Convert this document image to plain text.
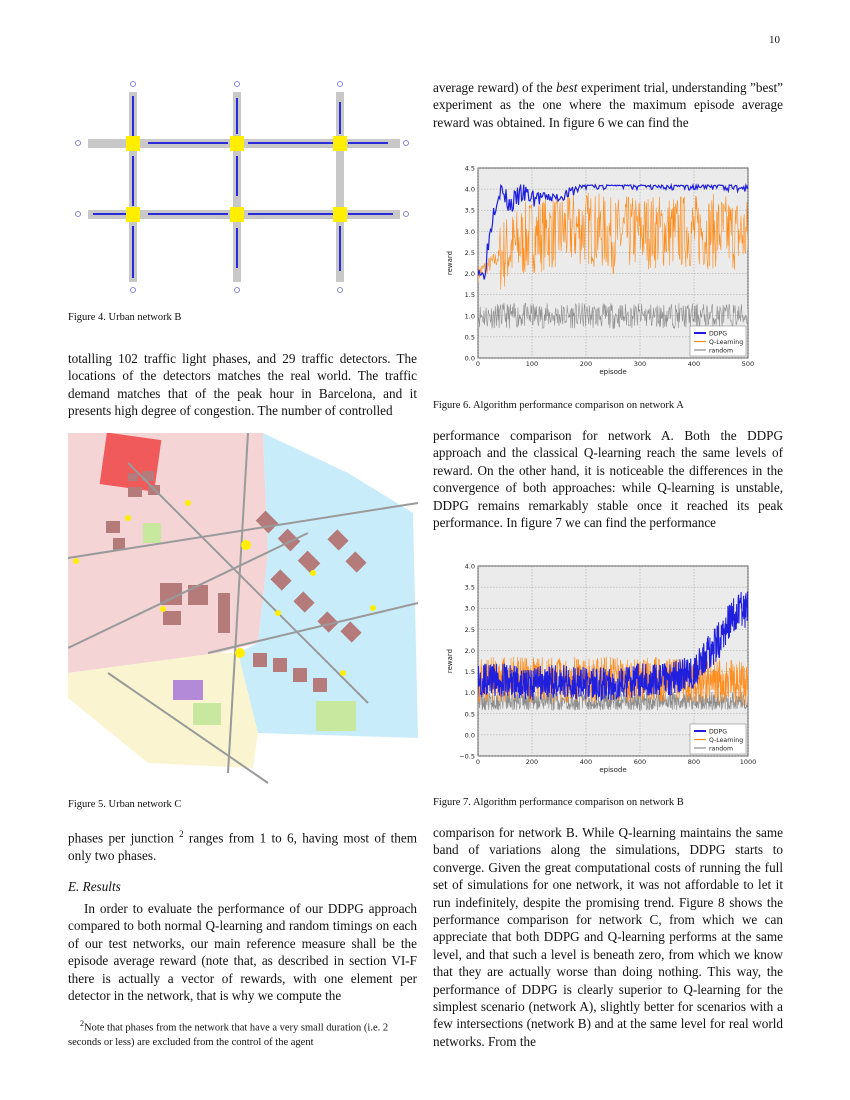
10
Figure 4. Urban network B

totalling 102 traffic light phases, and 29 traffic detectors. The locations of the detectors matches the real world. The traffic demand matches that of the peak hour in Barcelona, and it presents high degree of congestion. The number of controlled

Figure 5. Urban network C
phases per junction $^2$ ranges from 1 to 6, having most of them only two phases.
E. Results

In order to evaluate the performance of our DDPG approach compared to both normal Q-learning and random timings on each of our test networks, our main reference measure shall be the episode average reward (note that, as described in section VI-F there is actually a vector of rewards, with one element per detector in the network, that is why we compute the

$^2$Note that phases from the network that have a very small duration (i.e. 2 seconds or less) are excluded from the control of the agent
average reward) of the best experiment trial, understanding ”best” experiment as the one where the maximum episode average reward was obtained. In figure 6 we can find the
0.0
0.5
1.0
1.5
2.0
2.5
3.0
3.5
4.0
4.5
0	100	200	300	400	500
episode
reward
DDPG
Q-Learning
random
Figure 6. Algorithm performance comparison on network A

performance comparison for network A. Both the DDPG approach and the classical Q-learning reach the same levels of reward. On the other hand, it is noticeable the differences in the convergence of both approaches: while Q-learning is unstable, DDPG remains remarkably stable once it reached its peak performance. In figure 7 we can find the performance

−0.5
0.0
0.5
1.0
1.5
2.0
2.5
3.0
3.5
4.0
0	200	400	600	800	1000
episode
reward
DDPG
Q-Learning
random
Figure 7. Algorithm performance comparison on network B

comparison for network B. While Q-learning maintains the same band of variations along the simulations, DDPG starts to converge. Given the great computational costs of running the full set of simulations for one network, it was not affordable to let it run indefinitely, despite the promising trend. Figure 8 shows the performance comparison for network C, from which we can appreciate that both DDPG and Q-learning performs at the same level, and that such a level is beneath zero, from which we know that they are actually worse than doing nothing. This way, the performance of DDPG is clearly superior to Q-learning for the simplest scenario (network A), slightly better for scenarios with a few intersections (network B) and at the same level for real world networks. From the
